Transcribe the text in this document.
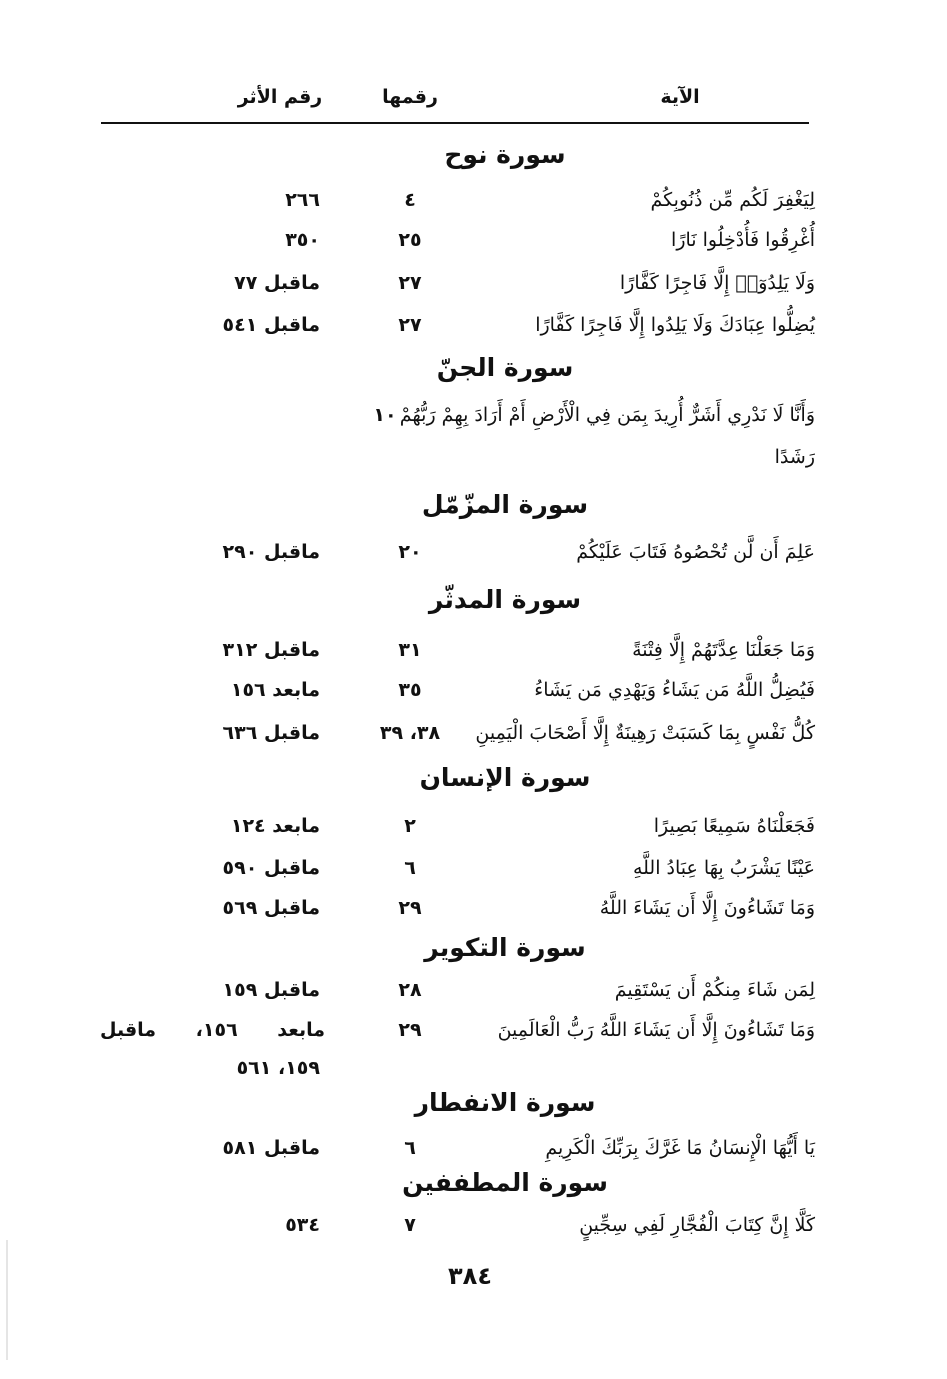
الآية
رقمها
رقم الأثر
سورة نوح
لِيَغْفِرَ لَكُم مِّن ذُنُوبِكُمْ
٤
٢٦٦
أُغْرِقُوا فَأُدْخِلُوا نَارًا
٢٥
٣٥٠
وَلَا يَلِدُوٓا۟ إِلَّا فَاجِرًا كَفَّارًا
٢٧
ماقبل ٧٧
يُضِلُّوا عِبَادَكَ وَلَا يَلِدُوا إِلَّا فَاجِرًا كَفَّارًا
٢٧
ماقبل ٥٤١
سورة الجنّ
وَأَنَّا لَا نَدْرِي أَشَرٌّ أُرِيدَ بِمَن فِي الْأَرْضِ أَمْ أَرَادَ بِهِمْ رَبُّهُمْ
١٠
رَشَدًا
سورة المزّمّل
عَلِمَ أَن لَّن تُحْصُوهُ فَتَابَ عَلَيْكُمْ
٢٠
ماقبل ٢٩٠
سورة المدثّر
وَمَا جَعَلْنَا عِدَّتَهُمْ إِلَّا فِتْنَةً
٣١
ماقبل ٣١٢
فَيُضِلُّ اللَّهُ مَن يَشَاءُ وَيَهْدِي مَن يَشَاءُ
٣٥
مابعد ١٥٦
كُلُّ نَفْسٍ بِمَا كَسَبَتْ رَهِينَةٌ إِلَّا أَصْحَابَ الْيَمِينِ
٣٨، ٣٩
ماقبل ٦٣٦
سورة الإنسان
فَجَعَلْنَاهُ سَمِيعًا بَصِيرًا
٢
مابعد ١٢٤
عَيْنًا يَشْرَبُ بِهَا عِبَادُ اللَّهِ
٦
ماقبل ٥٩٠
وَمَا تَشَاءُونَ إِلَّا أَن يَشَاءَ اللَّهُ
٢٩
ماقبل ٥٦٩
سورة التكوير
لِمَن شَاءَ مِنكُمْ أَن يَسْتَقِيمَ
٢٨
ماقبل ١٥٩
وَمَا تَشَاءُونَ إِلَّا أَن يَشَاءَ اللَّهُ رَبُّ الْعَالَمِينَ
٢٩
مابعد ١٥٦، ماقبل
١٥٩، ٥٦١
سورة الانفطار
يَا أَيُّهَا الْإِنسَانُ مَا غَرَّكَ بِرَبِّكَ الْكَرِيمِ
٦
ماقبل ٥٨١
سورة المطففين
كَلَّا إِنَّ كِتَابَ الْفُجَّارِ لَفِي سِجِّينٍ
٧
٥٣٤
٣٨٤
